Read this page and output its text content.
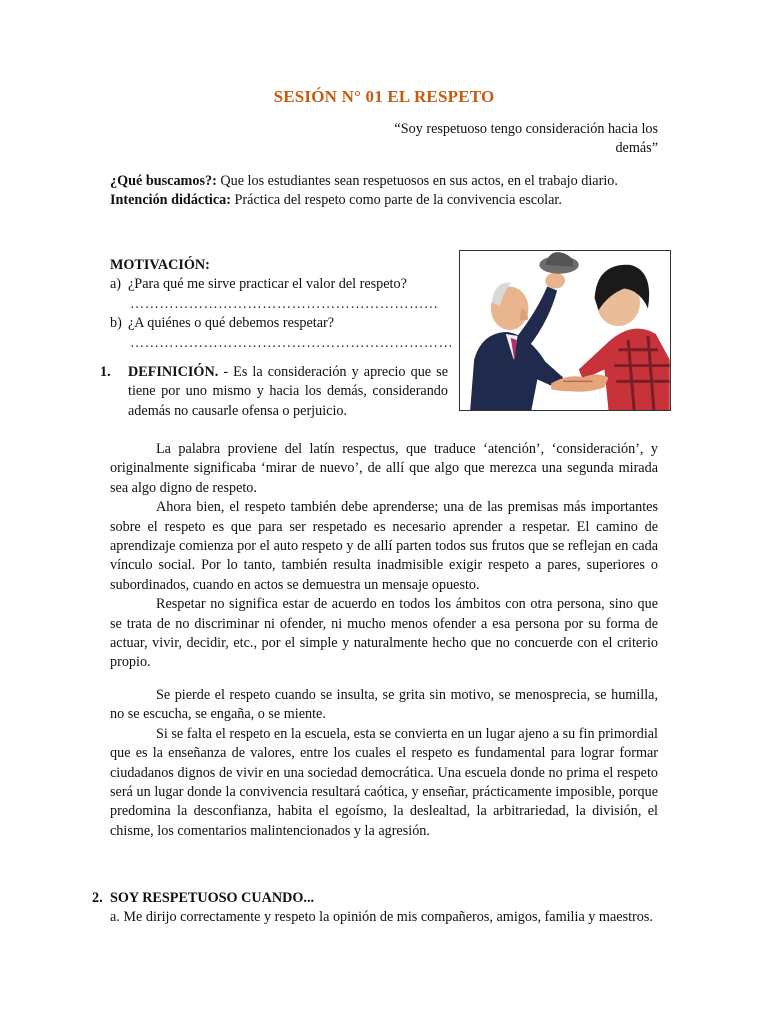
SESIÓN N° 01 EL RESPETO
“Soy respetuoso tengo consideración hacia los
demás”
¿Qué buscamos?: Que los estudiantes sean respetuosos en sus actos, en el trabajo diario.
Intención didáctica: Práctica del respeto como parte de la convivencia escolar.
MOTIVACIÓN:
a) ¿Para qué me sirve practicar el valor del respeto?
………………………………………………………
b) ¿A quiénes o qué debemos respetar?
…………………………………………………………
1.	DEFINICIÓN. - Es la consideración y aprecio que se tiene por uno mismo y hacia los demás, considerando además no causarle ofensa o perjuicio.
La palabra proviene del latín respectus, que traduce ‘atención’, ‘consideración’, y originalmente significaba ‘mirar de nuevo’, de allí que algo que merezca una segunda mirada sea algo digno de respeto.
Ahora bien, el respeto también debe aprenderse; una de las premisas más importantes sobre el respeto es que para ser respetado es necesario aprender a respetar. El camino de aprendizaje comienza por el auto respeto y de allí parten todos sus frutos que se reflejan en cada vínculo social. Por lo tanto, también resulta inadmisible exigir respeto a pares, superiores o subordinados, cuando en actos se demuestra un mensaje opuesto.
Respetar no significa estar de acuerdo en todos los ámbitos con otra persona, sino que se trata de no discriminar ni ofender, ni mucho menos ofender a esa persona por su forma de actuar, vivir, decidir, etc., por el simple y naturalmente hecho que no concuerde con el criterio propio.
Se pierde el respeto cuando se insulta, se grita sin motivo, se menosprecia, se humilla, no se escucha, se engaña, o se miente.
Si se falta el respeto en la escuela, esta se convierta en un lugar ajeno a su fin primordial que es la enseñanza de valores, entre los cuales el respeto es fundamental para lograr formar ciudadanos dignos de vivir en una sociedad democrática. Una escuela donde no prima el respeto será un lugar donde la convivencia resultará caótica, y enseñar, prácticamente imposible, porque predomina la desconfianza, habita el egoísmo, la deslealtad, la arbitrariedad, la división, el chisme, los comentarios malintencionados y la agresión.
2. SOY RESPETUOSO CUANDO...
a. Me dirijo correctamente y respeto la opinión de mis compañeros, amigos, familia y maestros.
